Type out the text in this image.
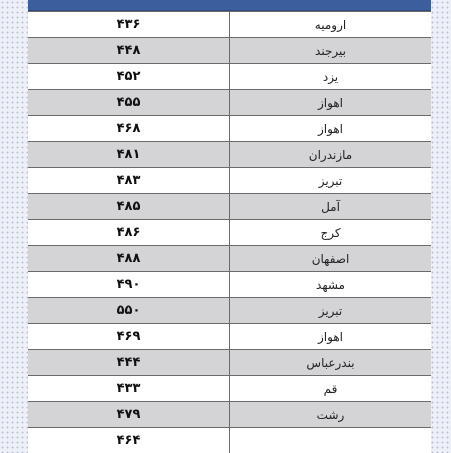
۴۳۶	ارومیه
۴۴۸	بیرجند
۴۵۲	یزد
۴۵۵	اهواز
۴۶۸	اهواز
۴۸۱	مازندران
۴۸۳	تبریز
۴۸۵	آمل
۴۸۶	کرج
۴۸۸	اصفهان
۴۹۰	مشهد
۵۵۰	تبریز
۴۶۹	اهواز
۴۴۴	بندرعباس
۴۳۳	قم
۴۷۹	رشت
۴۶۴	
